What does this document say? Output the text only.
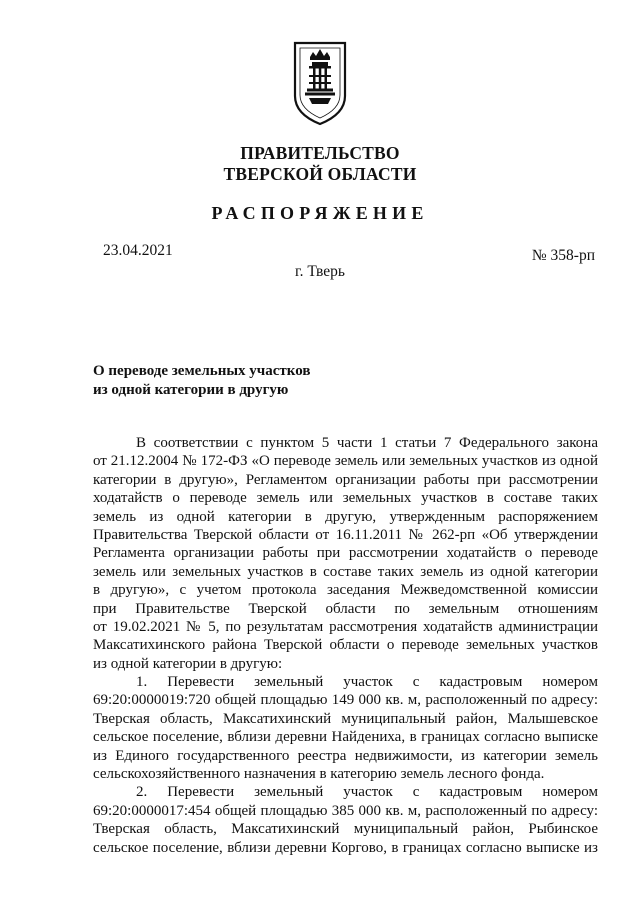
ПРАВИТЕЛЬСТВО
ТВЕРСКОЙ ОБЛАСТИ
РАСПОРЯЖЕНИЕ
23.04.2021	№ 358-рп
г. Тверь
О переводе земельных участков
из одной категории в другую
В соответствии с пунктом 5 части 1 статьи 7 Федерального закона
от 21.12.2004 № 172-ФЗ «О переводе земель или земельных участков из одной
категории в другую», Регламентом организации работы при рассмотрении
ходатайств о переводе земель или земельных участков в составе таких
земель из одной категории в другую, утвержденным распоряжением
Правительства Тверской области от 16.11.2011 № 262-рп «Об утверждении
Регламента организации работы при рассмотрении ходатайств о переводе
земель или земельных участков в составе таких земель из одной категории
в другую», с учетом протокола заседания Межведомственной комиссии
при Правительстве Тверской области по земельным отношениям
от 19.02.2021 № 5, по результатам рассмотрения ходатайств администрации
Максатихинского района Тверской области о переводе земельных участков
из одной категории в другую:
1. Перевести земельный участок с кадастровым номером
69:20:0000019:720 общей площадью 149 000 кв. м, расположенный по адресу:
Тверская область, Максатихинский муниципальный район, Малышевское
сельское поселение, вблизи деревни Найдениха, в границах согласно выписке
из Единого государственного реестра недвижимости, из категории земель
сельскохозяйственного назначения в категорию земель лесного фонда.
2. Перевести земельный участок с кадастровым номером
69:20:0000017:454 общей площадью 385 000 кв. м, расположенный по адресу:
Тверская область, Максатихинский муниципальный район, Рыбинское
сельское поселение, вблизи деревни Коргово, в границах согласно выписке из
